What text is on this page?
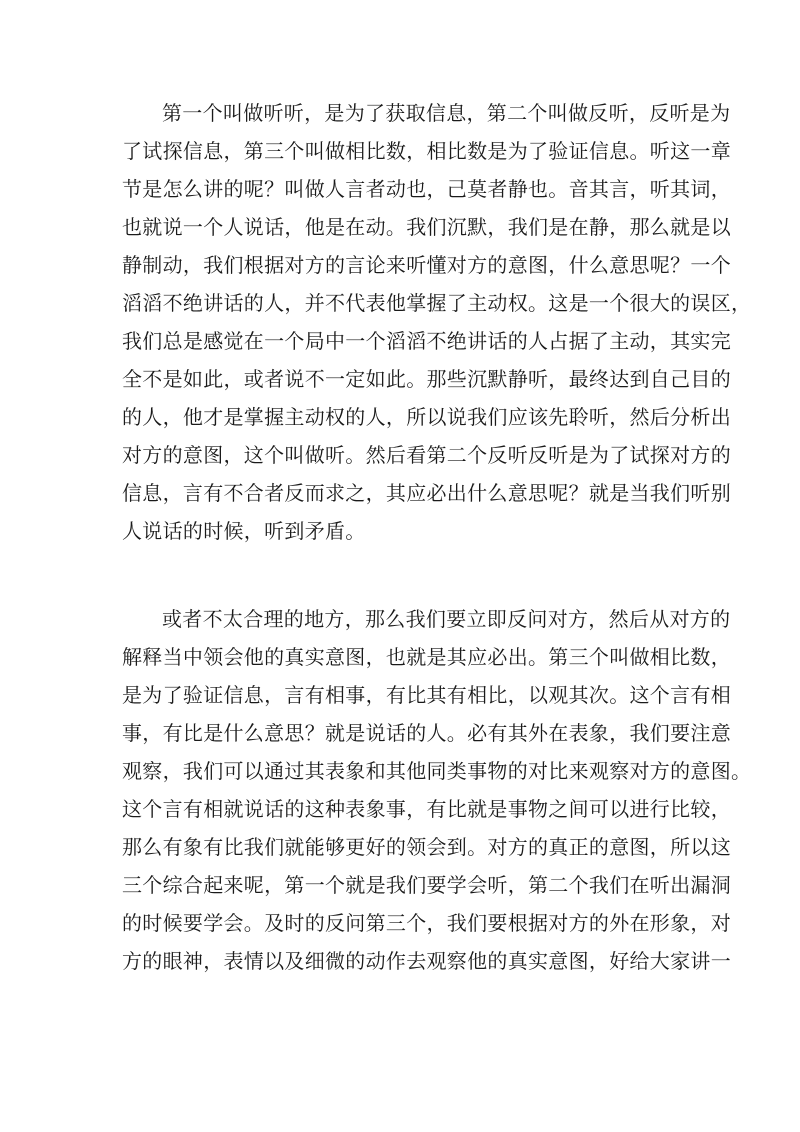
第一个叫做听听，是为了获取信息，第二个叫做反听，反听是为
了试探信息，第三个叫做相比数，相比数是为了验证信息。听这一章
节是怎么讲的呢？叫做人言者动也，己莫者静也。音其言，听其词，
也就说一个人说话，他是在动。我们沉默，我们是在静，那么就是以
静制动，我们根据对方的言论来听懂对方的意图，什么意思呢？一个
滔滔不绝讲话的人，并不代表他掌握了主动权。这是一个很大的误区，
我们总是感觉在一个局中一个滔滔不绝讲话的人占据了主动，其实完
全不是如此，或者说不一定如此。那些沉默静听，最终达到自己目的
的人，他才是掌握主动权的人，所以说我们应该先聆听，然后分析出
对方的意图，这个叫做听。然后看第二个反听反听是为了试探对方的
信息，言有不合者反而求之，其应必出什么意思呢？就是当我们听别
人说话的时候，听到矛盾。
或者不太合理的地方，那么我们要立即反问对方，然后从对方的
解释当中领会他的真实意图，也就是其应必出。第三个叫做相比数，
是为了验证信息，言有相事，有比其有相比，以观其次。这个言有相
事，有比是什么意思？就是说话的人。必有其外在表象，我们要注意
观察，我们可以通过其表象和其他同类事物的对比来观察对方的意图。
这个言有相就说话的这种表象事，有比就是事物之间可以进行比较，
那么有象有比我们就能够更好的领会到。对方的真正的意图，所以这
三个综合起来呢，第一个就是我们要学会听，第二个我们在听出漏洞
的时候要学会。及时的反问第三个，我们要根据对方的外在形象，对
方的眼神，表情以及细微的动作去观察他的真实意图，好给大家讲一
